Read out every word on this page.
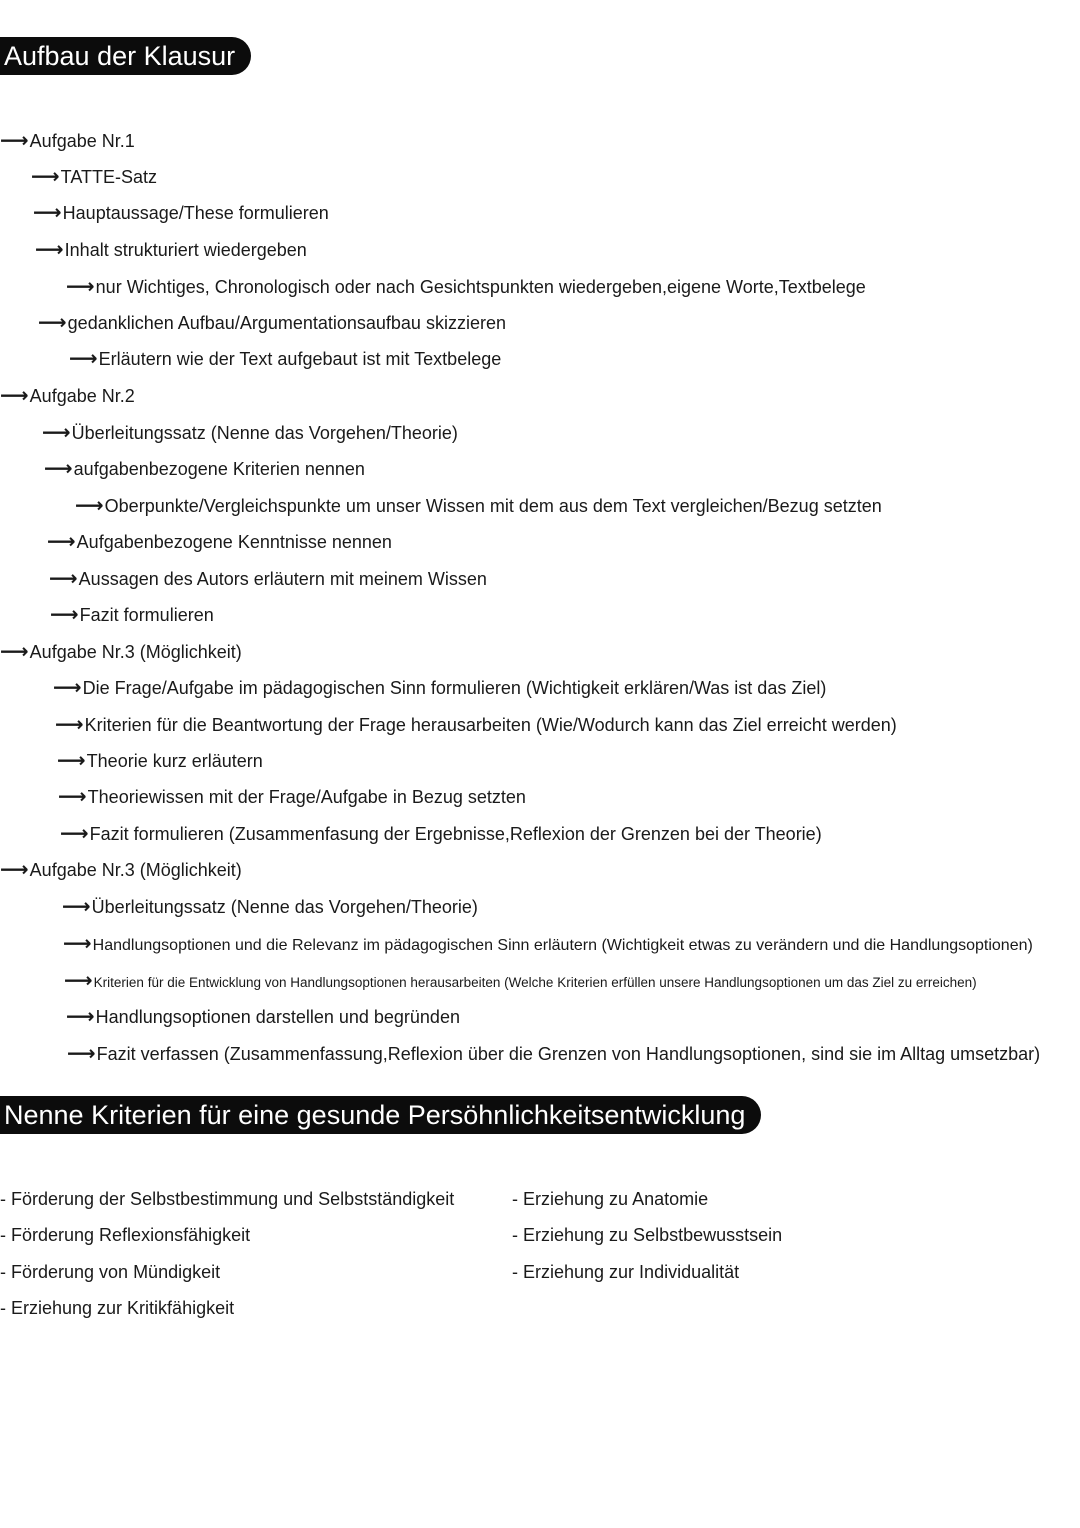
Aufbau der Klausur
⟶Aufgabe Nr.1
⟶TATTE-Satz
⟶Hauptaussage/These formulieren
⟶Inhalt strukturiert wiedergeben
⟶nur Wichtiges, Chronologisch oder nach Gesichtspunkten wiedergeben,eigene Worte,Textbelege
⟶gedanklichen Aufbau/Argumentationsaufbau skizzieren
⟶Erläutern wie der Text aufgebaut ist mit Textbelege
⟶Aufgabe Nr.2
⟶Überleitungssatz (Nenne das Vorgehen/Theorie)
⟶aufgabenbezogene Kriterien nennen
⟶Oberpunkte/Vergleichspunkte um unser Wissen mit dem aus dem Text vergleichen/Bezug setzten
⟶Aufgabenbezogene Kenntnisse nennen
⟶Aussagen des Autors erläutern mit meinem Wissen
⟶Fazit formulieren
⟶Aufgabe Nr.3 (Möglichkeit)
⟶Die Frage/Aufgabe im pädagogischen Sinn formulieren (Wichtigkeit erklären/Was ist das Ziel)
⟶Kriterien für die Beantwortung der Frage herausarbeiten (Wie/Wodurch kann das Ziel erreicht werden)
⟶Theorie kurz erläutern
⟶Theoriewissen mit der Frage/Aufgabe in Bezug setzten
⟶Fazit formulieren (Zusammenfasung der Ergebnisse,Reflexion der Grenzen bei der Theorie)
⟶Aufgabe Nr.3 (Möglichkeit)
⟶Überleitungssatz (Nenne das Vorgehen/Theorie)
⟶Handlungsoptionen und die Relevanz im pädagogischen Sinn erläutern (Wichtigkeit etwas zu verändern und die Handlungsoptionen)
⟶Kriterien für die Entwicklung von Handlungsoptionen herausarbeiten (Welche Kriterien erfüllen unsere Handlungsoptionen um das Ziel zu erreichen)
⟶Handlungsoptionen darstellen und begründen
⟶Fazit verfassen (Zusammenfassung,Reflexion über die Grenzen von Handlungsoptionen, sind sie im Alltag umsetzbar)
Nenne Kriterien für eine gesunde Persöhnlichkeitsentwicklung
- Förderung der Selbstbestimmung und Selbstständigkeit
- Förderung Reflexionsfähigkeit
- Förderung von Mündigkeit
- Erziehung zur Kritikfähigkeit
- Erziehung zu Anatomie
- Erziehung zu Selbstbewusstsein
- Erziehung zur Individualität
